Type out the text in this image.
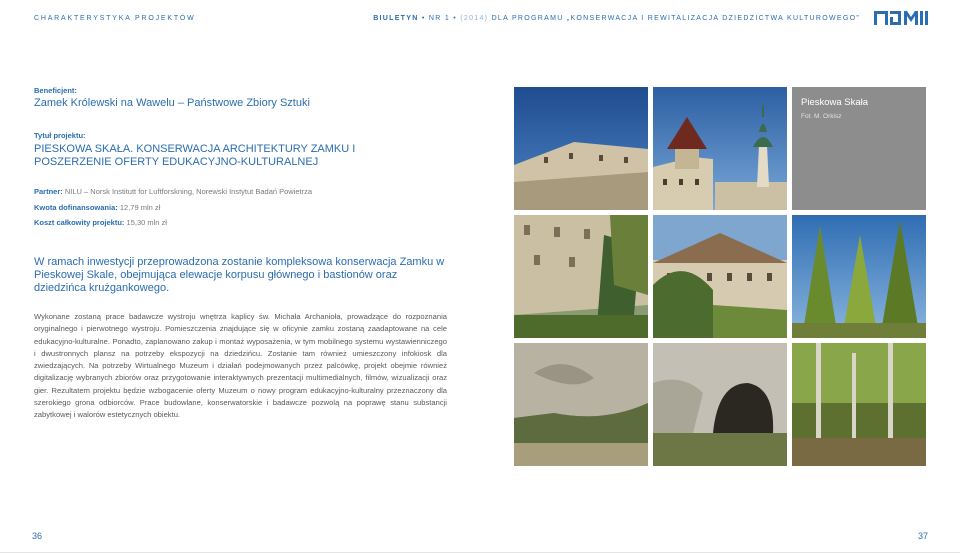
CHARAKTERYSTYKA PROJEKTÓW	BIULETYN • NR 1 • (2014) DLA PROGRAMU „KONSERWACJA I REWITALIZACJA DZIEDZICTWA KULTUROWEGO”
Beneficjent:
Zamek Królewski na Wawelu – Państwowe Zbiory Sztuki
Tytuł projektu:
PIESKOWA SKAŁA. KONSERWACJA ARCHITEKTURY ZAMKU I POSZERZENIE OFERTY EDUKACYJNO-KULTURALNEJ
Partner: NILU – Norsk Institutt for Luftforskning, Norewski Instytut Badań Powietrza
Kwota dofinansowania: 12,79 mln zł
Koszt całkowity projektu: 15,30 mln zł
W ramach inwestycji przeprowadzona zostanie kompleksowa konserwacja Zamku w Pieskowej Skale, obejmująca elewacje korpusu głównego i bastionów oraz dziedzińca krużgankowego.
Wykonane zostaną prace badawcze wystroju wnętrza kaplicy św. Michała Archanioła, prowadzące do rozpoznania oryginalnego i pierwotnego wystroju. Pomieszczenia znajdujące się w oficynie zamku zostaną zaadaptowane na cele edukacyjno-kulturalne. Ponadto, zaplanowano zakup i montaż wyposażenia, w tym mobilnego systemu wystawienniczego i dwustronnych plansz na potrzeby ekspozycji na dziedzińcu. Zostanie tam również umieszczony infokiosk dla zwiedzających. Na potrzeby Wirtualnego Muzeum i działań podejmowanych przez palcówkę, projekt obejmie również digitalizację wybranych zbiorów oraz przygotowanie interaktywnych prezentacji multimedialnych, filmów, wizualizacji oraz gier. Rezultatem projektu będzie wzbogacenie oferty Muzeum o nowy program edukacyjno-kulturalny przeznaczony dla szerokiego grona odbiorców. Prace budowlane, konserwatorskie i badawcze pozwolą na poprawę stanu substancji zabytkowej i walorów estetycznych obiektu.
Pieskowa Skała
Fot. M. Orkisz
36	37
